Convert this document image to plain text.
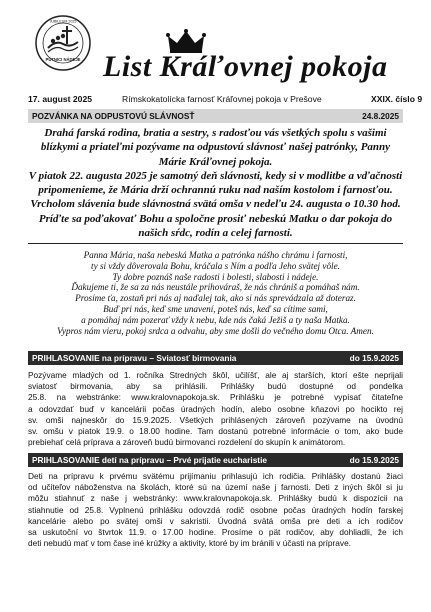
PÚTNICI NÁDEJE
JUBILEUM 2025
List Kráľovnej pokoja
17. august 2025	Rímskokatolícka farnosť Kráľovnej pokoja v Prešove	XXIX. číslo 9
POZVÁNKA NA ODPUSTOVÚ SLÁVNOSŤ	24.8.2025

Drahá farská rodina, bratia a sestry, s radosťou vás všetkých spolu s vašimi blízkymi a priateľmi pozývame na odpustovú slávnosť našej patrónky, Panny Márie Kráľovnej pokoja.

V piatok 22. augusta 2025 je samotný deň slávnosti, kedy si v modlitbe a vďačnosti pripomenieme, že Mária drží ochrannú ruku nad naším kostolom i farnosťou. Vrcholom slávenia bude slávnostná svätá omša v nedeľu 24. augusta o 10.30 hod. Príďte sa poďakovať Bohu a spoločne prosiť nebeskú Matku o dar pokoja do našich sŕdc, rodín a celej farnosti.

Panna Mária, naša nebeská Matka a patrónka nášho chrámu i farnosti,
ty si vždy dôverovala Bohu, kráčala s Ním a podľa Jeho svätej vôle.
Ty dobre poznáš naše radosti i bolesti, slabosti i nádeje.
Ďakujeme ti, že sa za nás neustále prihováraš, že nás chrániš a pomáhaš nám.
Prosíme ťa, zostaň pri nás aj naďalej tak, ako si nás sprevádzala až doteraz.
Buď pri nás, keď sme unavení, poteš nás, keď sa cítime sami,
a pomáhaj nám pozerať vždy k nebu, kde nás čaká Ježiš a ty naša Matka.
Vypros nám vieru, pokoj srdca a odvahu, aby sme došli do večného domu Otca. Amen.
PRIHLASOVANIE na prípravu – Sviatosť birmovania	do 15.9.2025
Pozývame mladých od 1. ročníka Stredných škôl, učilíšť, ale aj starších, ktorí ešte neprijali
sviatosť birmovania, aby sa prihlásili. Prihlášky budú dostupné od pondelka
25.8. na webstránke: www.kralovnapokoja.sk. Prihlášku je potrebné vypísať čitateľne
a odovzdať buď v kancelárii počas úradných hodín, alebo osobne kňazovi po hocikto rej
sv. omši najneskôr do 15.9.2025. Všetkých prihlásených zároveň pozývame na úvodnú
sv. omšu v piatok 19.9. o 18.00 hodine. Tam dostanú potrebné informácie o tom, ako bude
prebiehať celá príprava a zároveň budú birmovanci rozdelení do skupín k animátorom.
PRIHLASOVANIE detí na prípravu – Prvé prijatie eucharistie	do 15.9.2025
Deti na prípravu k prvému svätému prijímaniu prihlasujú ich rodičia. Prihlášky dostanú žiaci
od učiteľov náboženstva na školách, ktoré sú na území naše j farnosti. Deti z iných škôl si ju
môžu stiahnuť z naše j webstránky: www.kralovnapokoja.sk. Prihlášky budú k dispozícii na
stiahnutie od 25.8. Vyplnenú prihlášku odovzdá rodič osobne počas úradných hodín farskej
kancelárie alebo po svätej omši v sakristii. Úvodná svätá omša pre deti a ich rodičov
sa uskutoční vo štvrtok 11.9. o 17.00 hodine. Prosíme o pät rodičov, aby dohliadli, že ich
deti nebudú mať v tom čase iné krúžky a aktivity, ktoré by im bránili v účasti na príprave.
